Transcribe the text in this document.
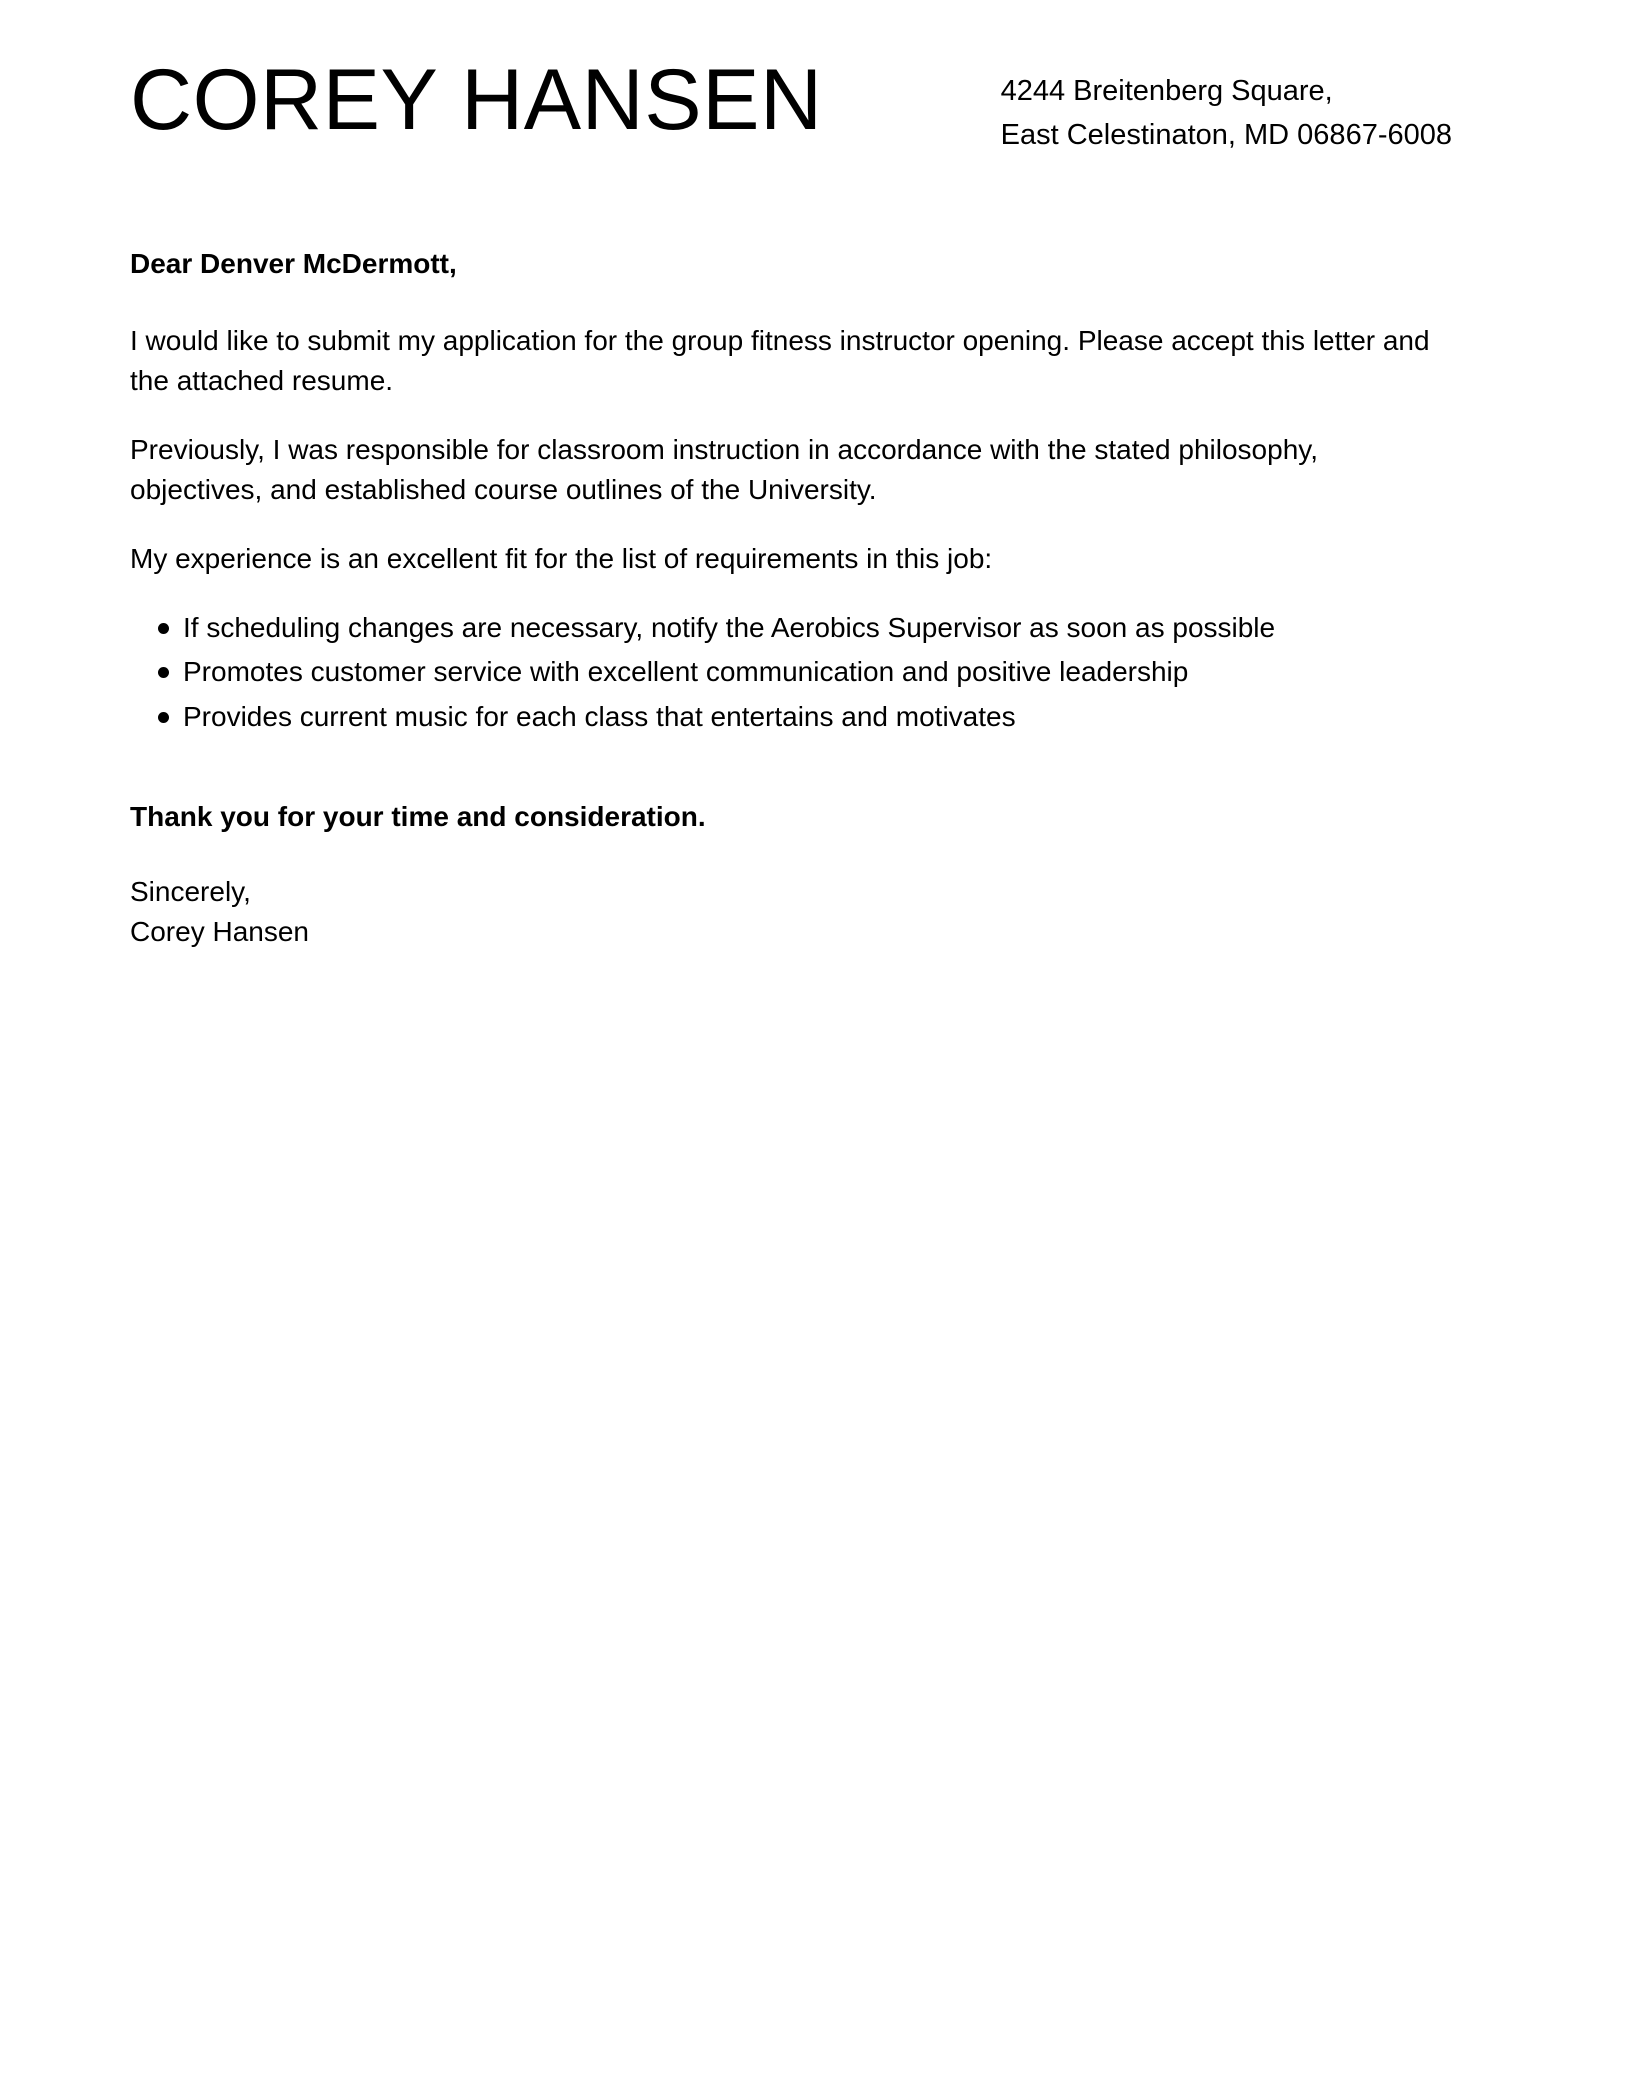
COREY HANSEN	4244 Breitenberg Square,
East Celestinaton, MD 06867-6008

Dear Denver McDermott,

I would like to submit my application for the group fitness instructor opening. Please accept this letter and the attached resume.

Previously, I was responsible for classroom instruction in accordance with the stated philosophy, objectives, and established course outlines of the University.

My experience is an excellent fit for the list of requirements in this job:

If scheduling changes are necessary, notify the Aerobics Supervisor as soon as possible
Promotes customer service with excellent communication and positive leadership
Provides current music for each class that entertains and motivates

Thank you for your time and consideration.

Sincerely,
Corey Hansen
